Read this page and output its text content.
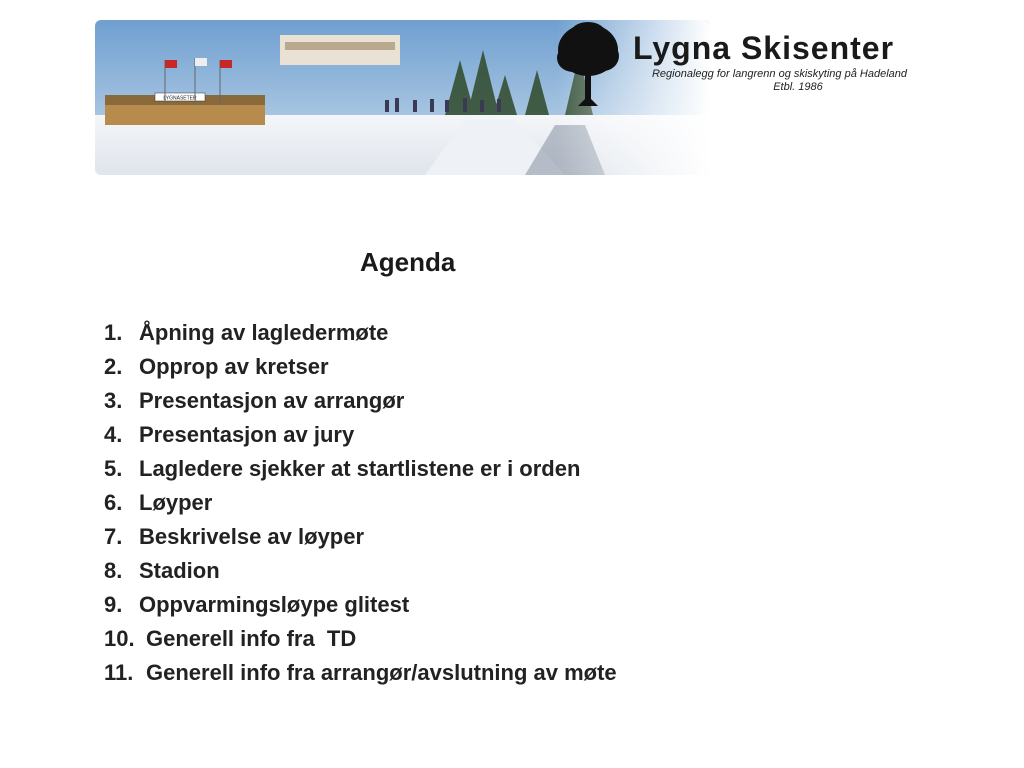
Lygna Skisenter
Regionalegg for langrenn og skiskyting på Hadeland
Etbl. 1986
Agenda
1. Åpning av lagledermøte
2. Opprop av kretser
3. Presentasjon av arrangør
4. Presentasjon av jury
5. Lagledere sjekker at startlistene er i orden
6. Løyper
7. Beskrivelse av løyper
8. Stadion
9. Oppvarmingsløype glitest
10. Generell info fra  TD
11. Generell info fra arrangør/avslutning av møte
